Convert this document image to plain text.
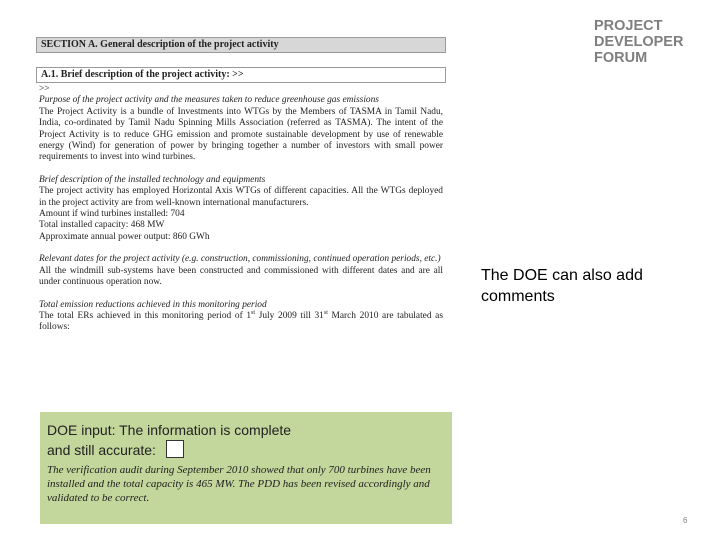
SECTION A. General description of the project activity
A.1. Brief description of the project activity: >>
>>
Purpose of the project activity and the measures taken to reduce greenhouse gas emissions
The Project Activity is a bundle of Investments into WTGs by the Members of TASMA in Tamil Nadu, India, co-ordinated by Tamil Nadu Spinning Mills Association (referred as TASMA). The intent of the Project Activity is to reduce GHG emission and promote sustainable development by use of renewable energy (Wind) for generation of power by bringing together a number of investors with small power requirements to invest into wind turbines.
Brief description of the installed technology and equipments
The project activity has employed Horizontal Axis WTGs of different capacities. All the WTGs deployed in the project activity are from well-known international manufacturers.
Amount if wind turbines installed: 704
Total installed capacity: 468 MW
Approximate annual power output: 860 GWh
Relevant dates for the project activity (e.g. construction, commissioning, continued operation periods, etc.)
All the windmill sub-systems have been constructed and commissioned with different dates and are all under continuous operation now.
Total emission reductions achieved in this monitoring period
The total ERs achieved in this monitoring period of 1st July 2009 till 31st March 2010 are tabulated as follows:
PROJECT
DEVELOPER
FORUM
The DOE can also add comments
DOE input: The information is complete
and still accurate:
The verification audit during September 2010 showed that only 700 turbines have been installed and the total capacity is 465 MW. The PDD has been revised accordingly and validated to be correct.
6
